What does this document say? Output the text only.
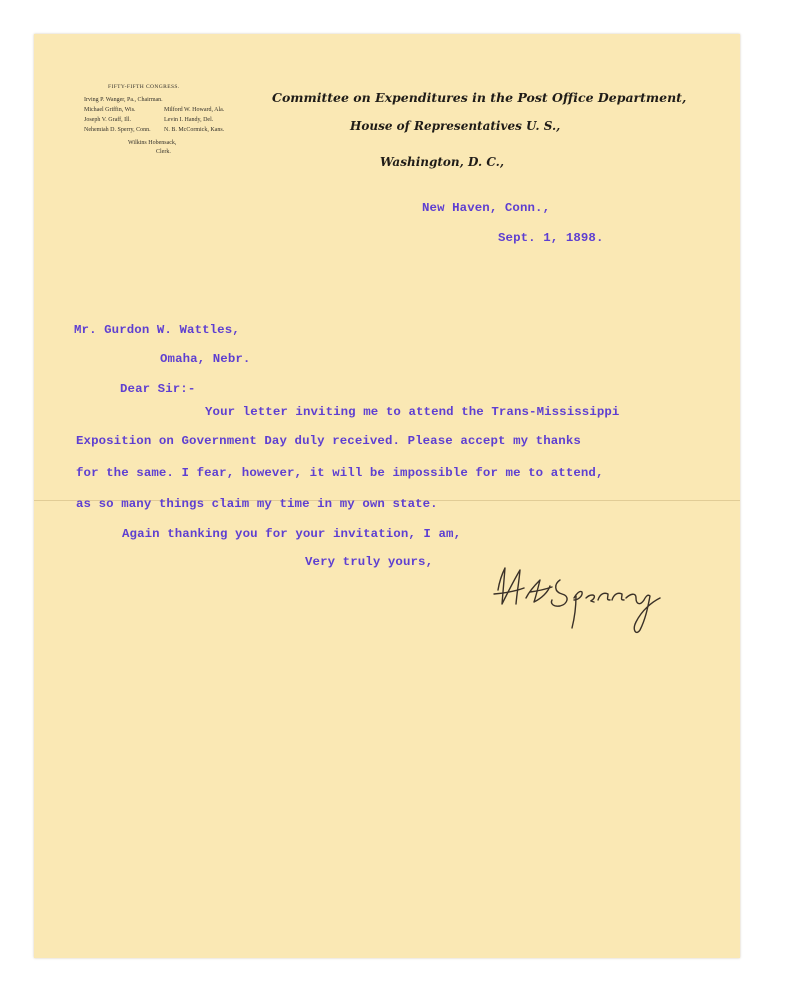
FIFTY-FIFTH CONGRESS.
Irving P. Wanger, Pa., Chairman.
Michael Griffin, Wis.	Milford W. Howard, Ala.
Joseph V. Graff, Ill.	Levin I. Handy, Del.
Nehemiah D. Sperry, Conn. N. B. McCormick, Kans.
Wilkins Hobensack,
Clerk.
Committee on Expenditures in the Post Office Department,
House of Representatives U. S.,
Washington, D. C.,
New Haven, Conn.,
Sept. 1, 1898.
Mr. Gurdon W. Wattles,
Omaha, Nebr.
Dear Sir:-
Your letter inviting me to attend the Trans-Mississippi
Exposition on Government Day duly received. Please accept my thanks
for the same. I fear, however, it will be impossible for me to attend,
as so many things claim my time in my own state.
Again thanking you for your invitation, I am,
Very truly yours,
